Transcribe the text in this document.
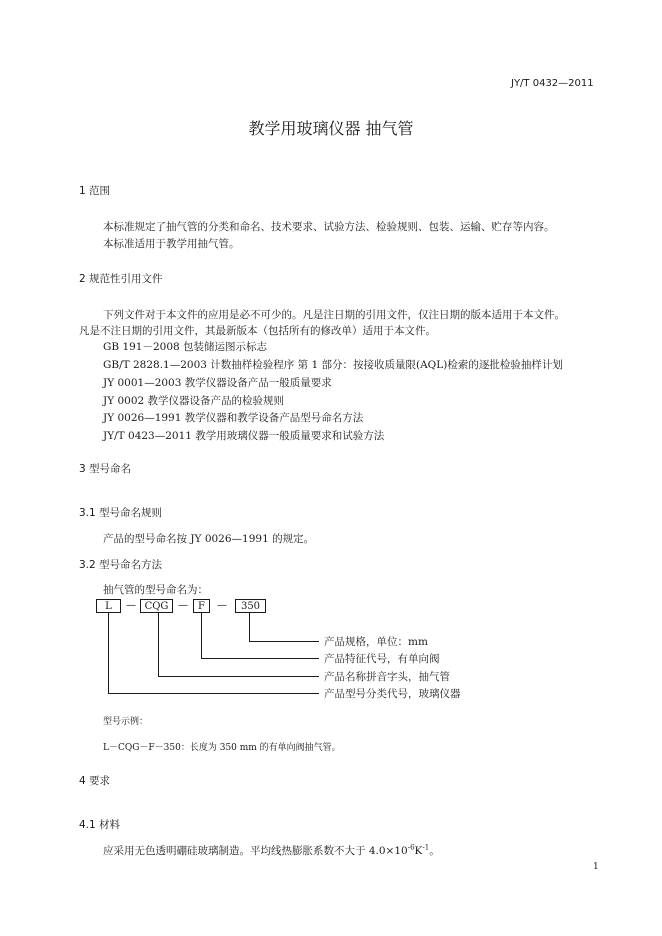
JY/T 0432—2011
教学用玻璃仪器 抽气管
1 范围
本标准规定了抽气管的分类和命名、技术要求、试验方法、检验规则、包装、运输、贮存等内容。
本标准适用于教学用抽气管。
2 规范性引用文件
下列文件对于本文件的应用是必不可少的。凡是注日期的引用文件，仅注日期的版本适用于本文件。
凡是不注日期的引用文件，其最新版本（包括所有的修改单）适用于本文件。
GB 191－2008 包装储运图示标志
GB/T 2828.1—2003 计数抽样检验程序 第 1 部分：按接收质量限(AQL)检索的逐批检验抽样计划
JY 0001—2003 教学仪器设备产品一般质量要求
JY 0002 教学仪器设备产品的检验规则
JY 0026—1991 教学仪器和教学设备产品型号命名方法
JY/T 0423—2011 教学用玻璃仪器一般质量要求和试验方法
3 型号命名
3.1 型号命名规则
产品的型号命名按 JY 0026—1991 的规定。
3.2 型号命名方法
抽气管的型号命名为：
L	— CQG —	F	—	350
产品规格，单位：mm
产品特征代号，有单向阀
产品名称拼音字头，抽气管
产品型号分类代号，玻璃仪器
型号示例：
L－CQG－F－350：长度为 350 mm 的有单向阀抽气管。
4 要求
4.1 材料
应采用无色透明硼硅玻璃制造。平均线热膨胀系数不大于 $4.0\times 10^{-6}K^{-1}$。
1
